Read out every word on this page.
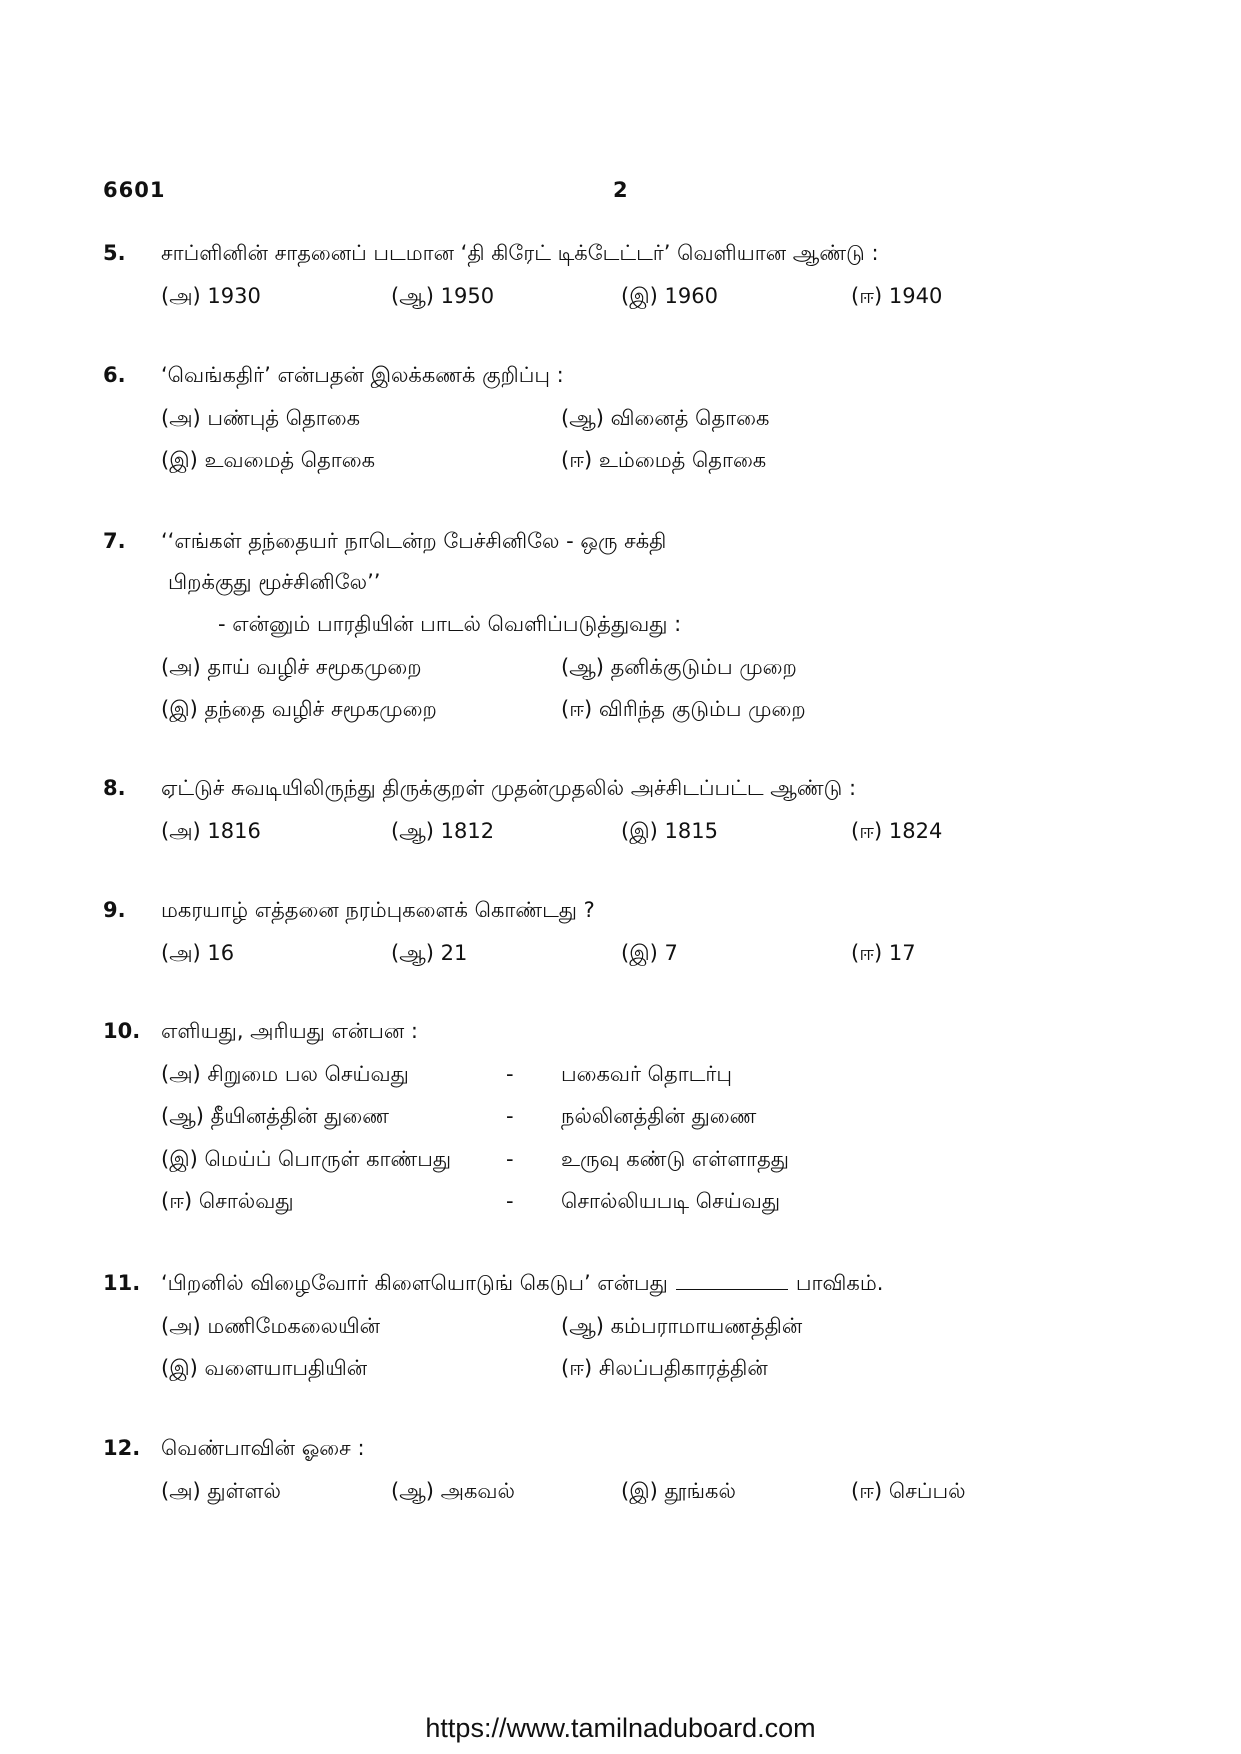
6601	2
5. சாப்ளினின் சாதனைப் படமான ‘தி கிரேட் டிக்டேட்டர்’ வெளியான ஆண்டு :
(அ) 1930	(ஆ) 1950	(இ) 1960	(ஈ) 1940
6. ‘வெங்கதிர்’ என்பதன் இலக்கணக் குறிப்பு :
(அ) பண்புத் தொகை	(ஆ) வினைத் தொகை
(இ) உவமைத் தொகை	(ஈ) உம்மைத் தொகை
7. ‘‘எங்கள் தந்தையர் நாடென்ற பேச்சினிலே - ஒரு சக்தி
பிறக்குது மூச்சினிலே’’
- என்னும் பாரதியின் பாடல் வெளிப்படுத்துவது :
(அ) தாய் வழிச் சமூகமுறை	(ஆ) தனிக்குடும்ப முறை
(இ) தந்தை வழிச் சமூகமுறை	(ஈ) விரிந்த குடும்ப முறை
8. ஏட்டுச் சுவடியிலிருந்து திருக்குறள் முதன்முதலில் அச்சிடப்பட்ட ஆண்டு :
(அ) 1816	(ஆ) 1812	(இ) 1815	(ஈ) 1824
9. மகரயாழ் எத்தனை நரம்புகளைக் கொண்டது ?
(அ) 16	(ஆ) 21	(இ) 7	(ஈ) 17
10. எளியது, அரியது என்பன :
(அ) சிறுமை பல செய்வது	- பகைவர் தொடர்பு
(ஆ) தீயினத்தின் துணை	- நல்லினத்தின் துணை
(இ) மெய்ப் பொருள் காண்பது	- உருவு கண்டு எள்ளாதது
(ஈ) சொல்வது	- சொல்லியபடி செய்வது
11. ‘பிறனில் விழைவோர் கிளையொடுங் கெடுப’ என்பது	பாவிகம்.
(அ) மணிமேகலையின்	(ஆ) கம்பராமாயணத்தின்
(இ) வளையாபதியின்	(ஈ) சிலப்பதிகாரத்தின்
12. வெண்பாவின் ஓசை :
(அ) துள்ளல்	(ஆ) அகவல்	(இ) தூங்கல்	(ஈ) செப்பல்
https://www.tamilnaduboard.com
